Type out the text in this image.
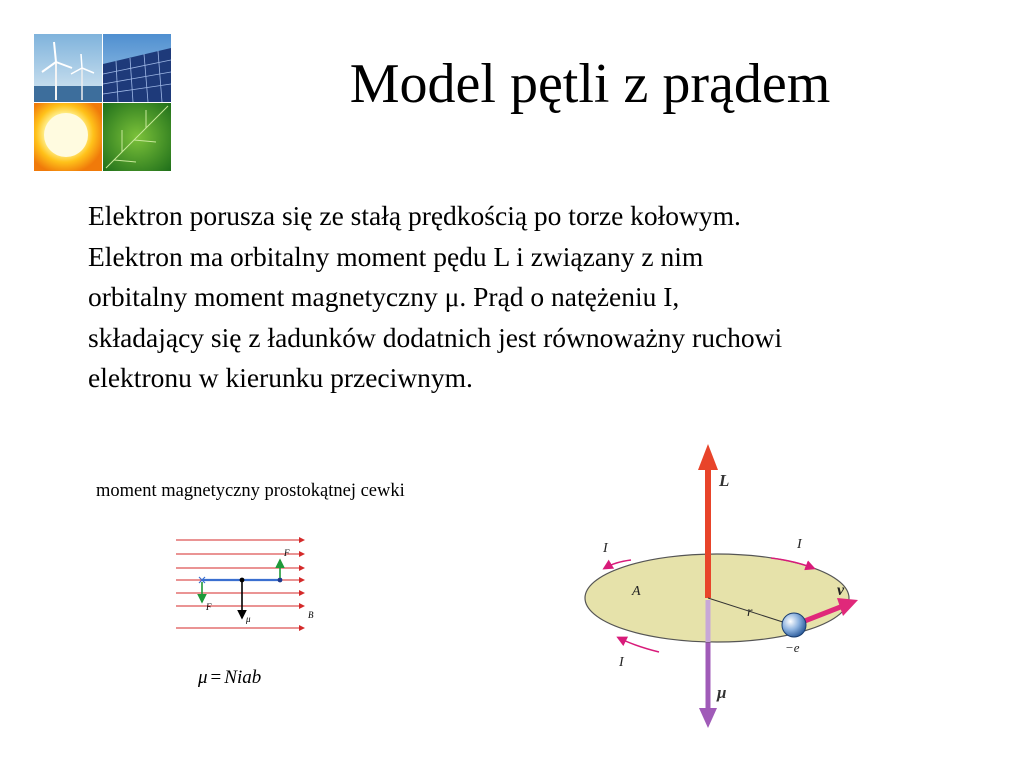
Model pętli z prądem
Elektron porusza się ze stałą prędkością po torze kołowym.
Elektron ma orbitalny moment pędu L i związany z nim
orbitalny moment magnetyczny μ. Prąd o natężeniu I,
składający się z ładunków dodatnich jest równoważny ruchowi
elektronu w kierunku przeciwnym.
moment magnetyczny prostokątnej cewki
F
F
μ	B
μ = Niab
L
μ
v
A
r
−e
I	I
I
